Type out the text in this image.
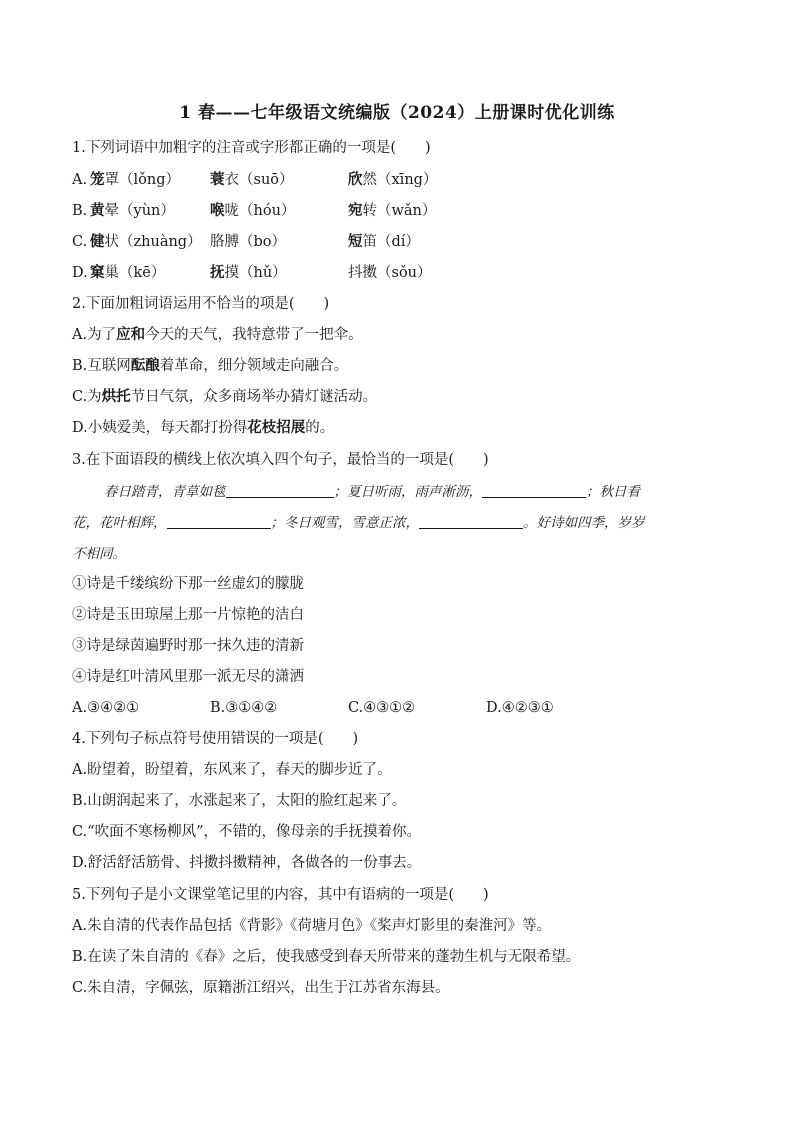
1 春——七年级语文统编版（2024）上册课时优化训练
1.下列词语中加粗字的注音或字形都正确的一项是(　　)
A. 笼罩（lǒng） 蓑衣（suō）	欣然（xīng）
B. 黄晕（yùn） 喉咙（hóu）	宛转（wǎn）
C. 健状（zhuàng） 胳膊（bo）	短笛（dí）
D. 窠巢（kē）	抚摸（hǔ）	抖擞（sǒu）
2.下面加粗词语运用不恰当的项是(　　)
A.为了应和今天的天气，我特意带了一把伞。
B.互联网酝酿着革命，细分领域走向融合。
C.为烘托节日气氛，众多商场举办猜灯谜活动。
D.小姨爱美，每天都打扮得花枝招展的。
3.在下面语段的横线上依次填入四个句子，最恰当的一项是(　　)
春日踏青，青草如毯	；夏日听雨，雨声淅沥，	；秋日看
花，花叶相辉，	；冬日观雪，雪意正浓，	。好诗如四季，岁岁
不相同。
①诗是千缕缤纷下那一丝虚幻的朦胧
②诗是玉田琼屋上那一片惊艳的洁白
③诗是绿茵遍野时那一抹久违的清新
④诗是红叶清风里那一派无尽的潇洒
A.③④②①	B.③①④②	C.④③①②	D.④②③①
4.下列句子标点符号使用错误的一项是(　　)
A.盼望着，盼望着，东风来了，春天的脚步近了。
B.山朗润起来了，水涨起来了，太阳的脸红起来了。
C.“吹面不寒杨柳风”，不错的，像母亲的手抚摸着你。
D.舒活舒活筋骨、抖擞抖擞精神，各做各的一份事去。
5.下列句子是小文课堂笔记里的内容，其中有语病的一项是(　　)
A.朱自清的代表作品包括《背影》《荷塘月色》《桨声灯影里的秦淮河》等。
B.在读了朱自清的《春》之后，使我感受到春天所带来的蓬勃生机与无限希望。
C.朱自清，字佩弦，原籍浙江绍兴，出生于江苏省东海县。
